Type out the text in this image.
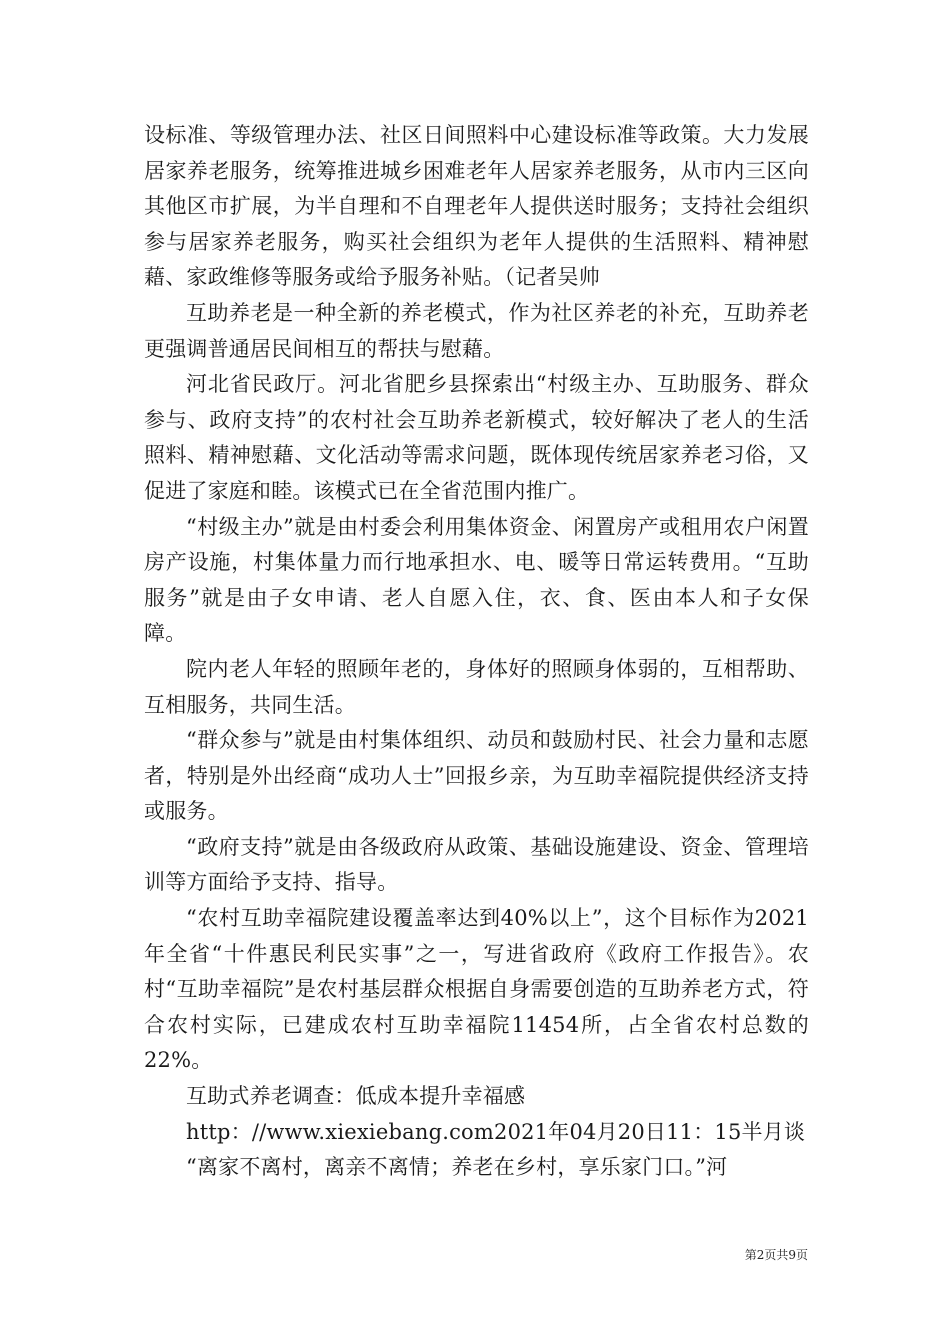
设标准、等级管理办法、社区日间照料中心建设标准等政策。大力发展居家养老服务，统筹推进城乡困难老年人居家养老服务，从市内三区向其他区市扩展，为半自理和不自理老年人提供送时服务；支持社会组织参与居家养老服务，购买社会组织为老年人提供的生活照料、精神慰藉、家政维修等服务或给予服务补贴。（记者吴帅

互助养老是一种全新的养老模式，作为社区养老的补充，互助养老更强调普通居民间相互的帮扶与慰藉。

河北省民政厅。河北省肥乡县探索出“村级主办、互助服务、群众参与、政府支持”的农村社会互助养老新模式，较好解决了老人的生活照料、精神慰藉、文化活动等需求问题，既体现传统居家养老习俗，又促进了家庭和睦。该模式已在全省范围内推广。

“村级主办”就是由村委会利用集体资金、闲置房产或租用农户闲置房产设施，村集体量力而行地承担水、电、暖等日常运转费用。“互助服务”就是由子女申请、老人自愿入住，衣、食、医由本人和子女保障。

院内老人年轻的照顾年老的，身体好的照顾身体弱的，互相帮助、互相服务，共同生活。

“群众参与”就是由村集体组织、动员和鼓励村民、社会力量和志愿者，特别是外出经商“成功人士”回报乡亲，为互助幸福院提供经济支持或服务。

“政府支持”就是由各级政府从政策、基础设施建设、资金、管理培训等方面给予支持、指导。

“农村互助幸福院建设覆盖率达到40%以上”，这个目标作为2021年全省“十件惠民利民实事”之一，写进省政府《政府工作报告》。农村“互助幸福院”是农村基层群众根据自身需要创造的互助养老方式，符合农村实际，已建成农村互助幸福院11454所，占全省农村总数的22%。

互助式养老调查：低成本提升幸福感

http：//www.xiexiebang.com2021年04月20日11：15半月谈

“离家不离村，离亲不离情；养老在乡村，享乐家门口。”河

第2页共9页
